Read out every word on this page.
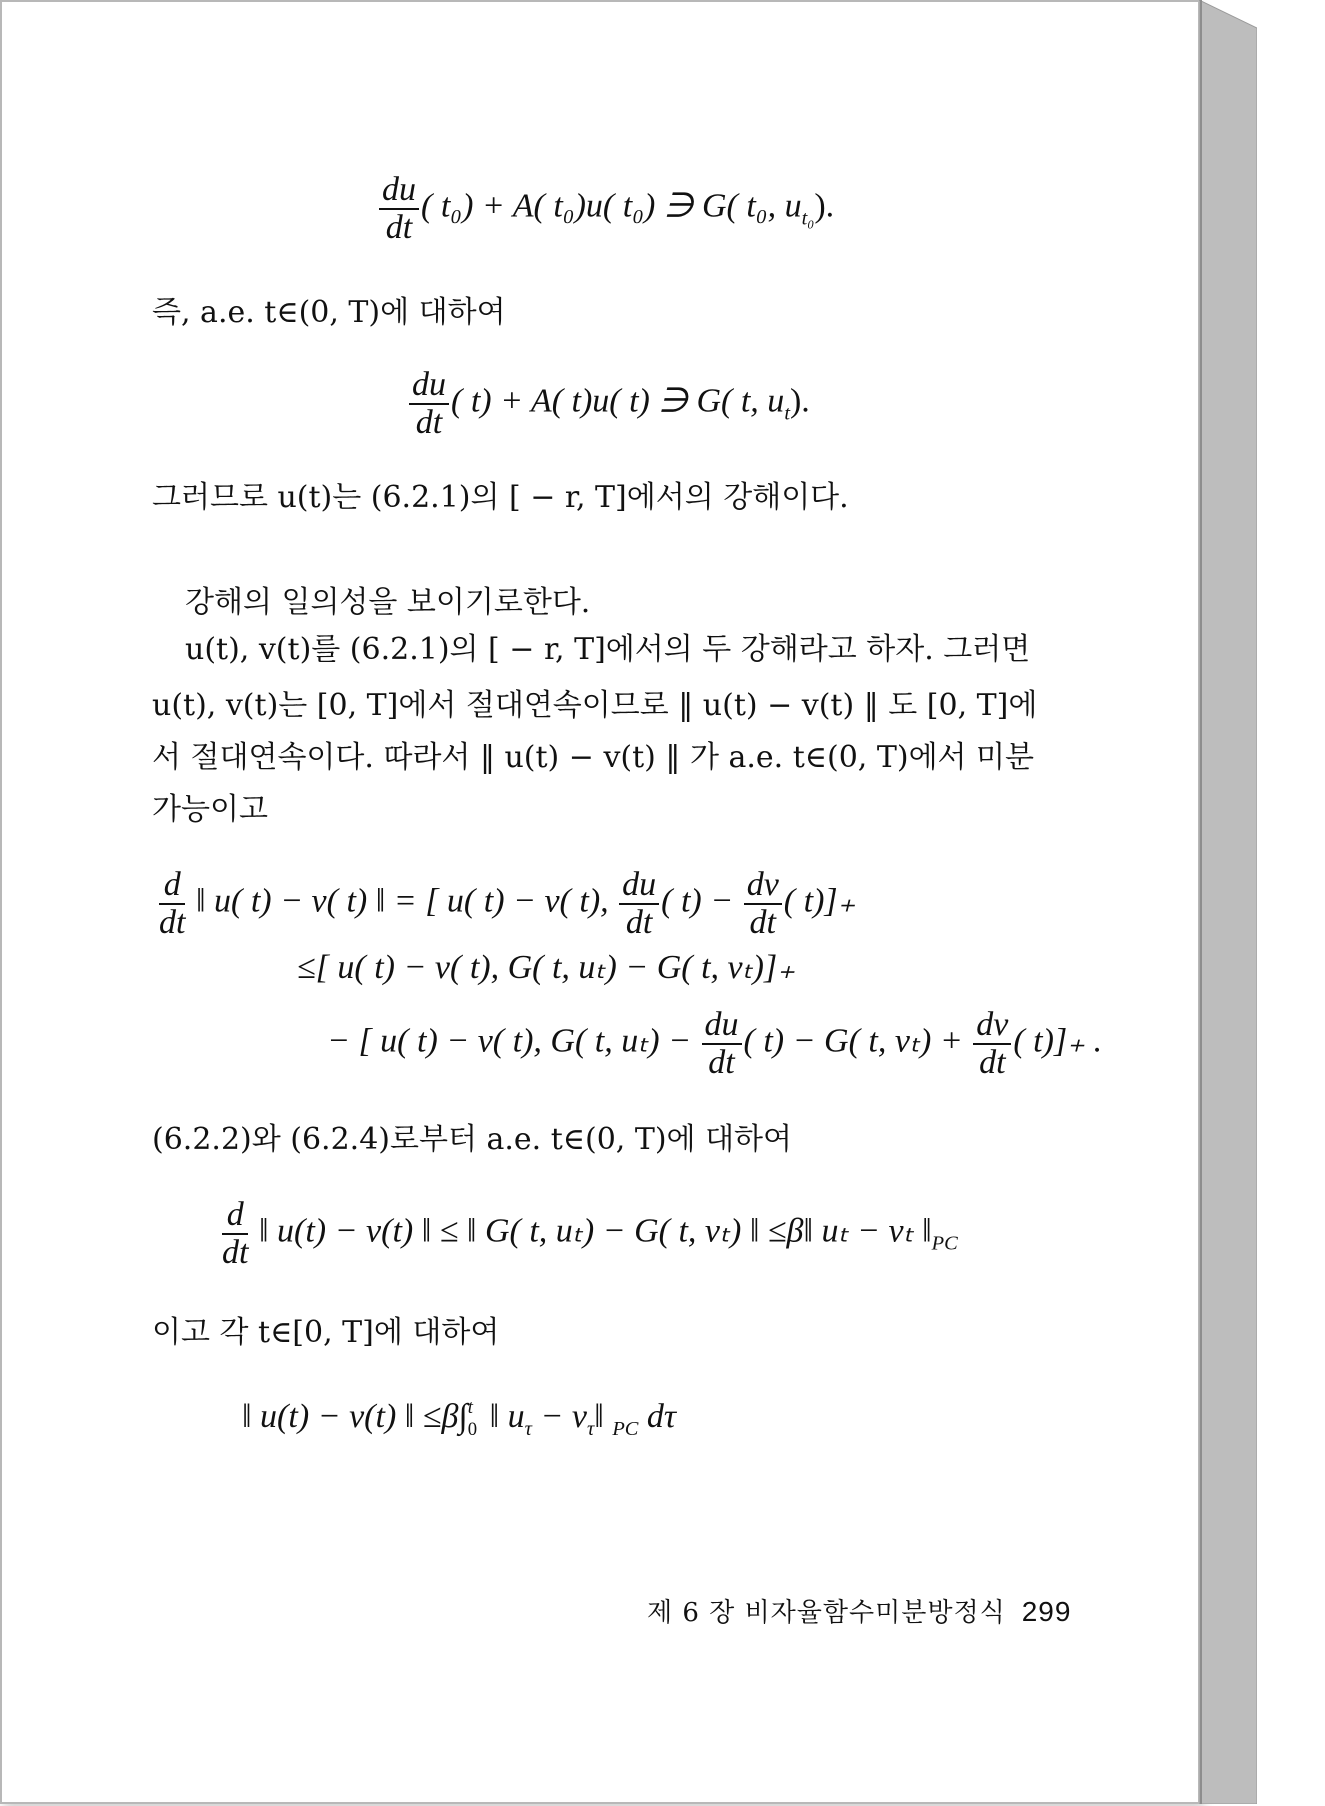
$\frac{du}{dt}$ ( t₀) + A( t₀)u( t₀) ∋ G( t₀, $u_{t_0}$).
즉, a.e. t∈(0, T)에 대하여
$\frac{du}{dt}$ ( t) + A( t)u( t) ∋ G( t, $u_t$).
그러므로 u(t)는 (6.2.1)의 [ − r, T]에서의 강해이다.
강해의 일의성을 보이기로한다.
u(t), v(t)를 (6.2.1)의 [ − r, T]에서의 두 강해라고 하자. 그러면
u(t), v(t)는 [0, T]에서 절대연속이므로 ‖ u(t) − v(t) ‖ 도 [0, T]에
서 절대연속이다. 따라서 ‖ u(t) − v(t) ‖ 가 a.e. t∈(0, T)에서 미분
가능이고
$\frac{d}{dt}$ ‖ u( t) − v( t) ‖ = [ u( t) − v( t), $\frac{du}{dt}$ ( $t) - \frac{dv}{dt}$ ( t)]₊
≤[ u( t) − v( t), G( t, uₜ) − G( t, vₜ)]₊
− [ u( t) − v( t), G( t, $u_t) - \frac{du}{dt}$ ( t) − G( t, $v_t) + \frac{dv}{dt}$ ( t)]₊ .
(6.2.2)와 (6.2.4)로부터 a.e. t∈(0, T)에 대하여
$\frac{d}{dt}$ ‖ u(t) − v(t) ‖ ≤ ‖ G( t, uₜ) − G( t, vₜ) ‖ ≤β‖ uₜ − vₜ $‖_{PC}$
이고 각 t∈[0, T]에 대하여
‖ u(t) − v(t) ‖ ≤β∫ t
0 ‖ $u_\tau$ − $v_\tau‖$ $_{PC}$ dτ
제 6 장 비자율함수미분방정식 299
